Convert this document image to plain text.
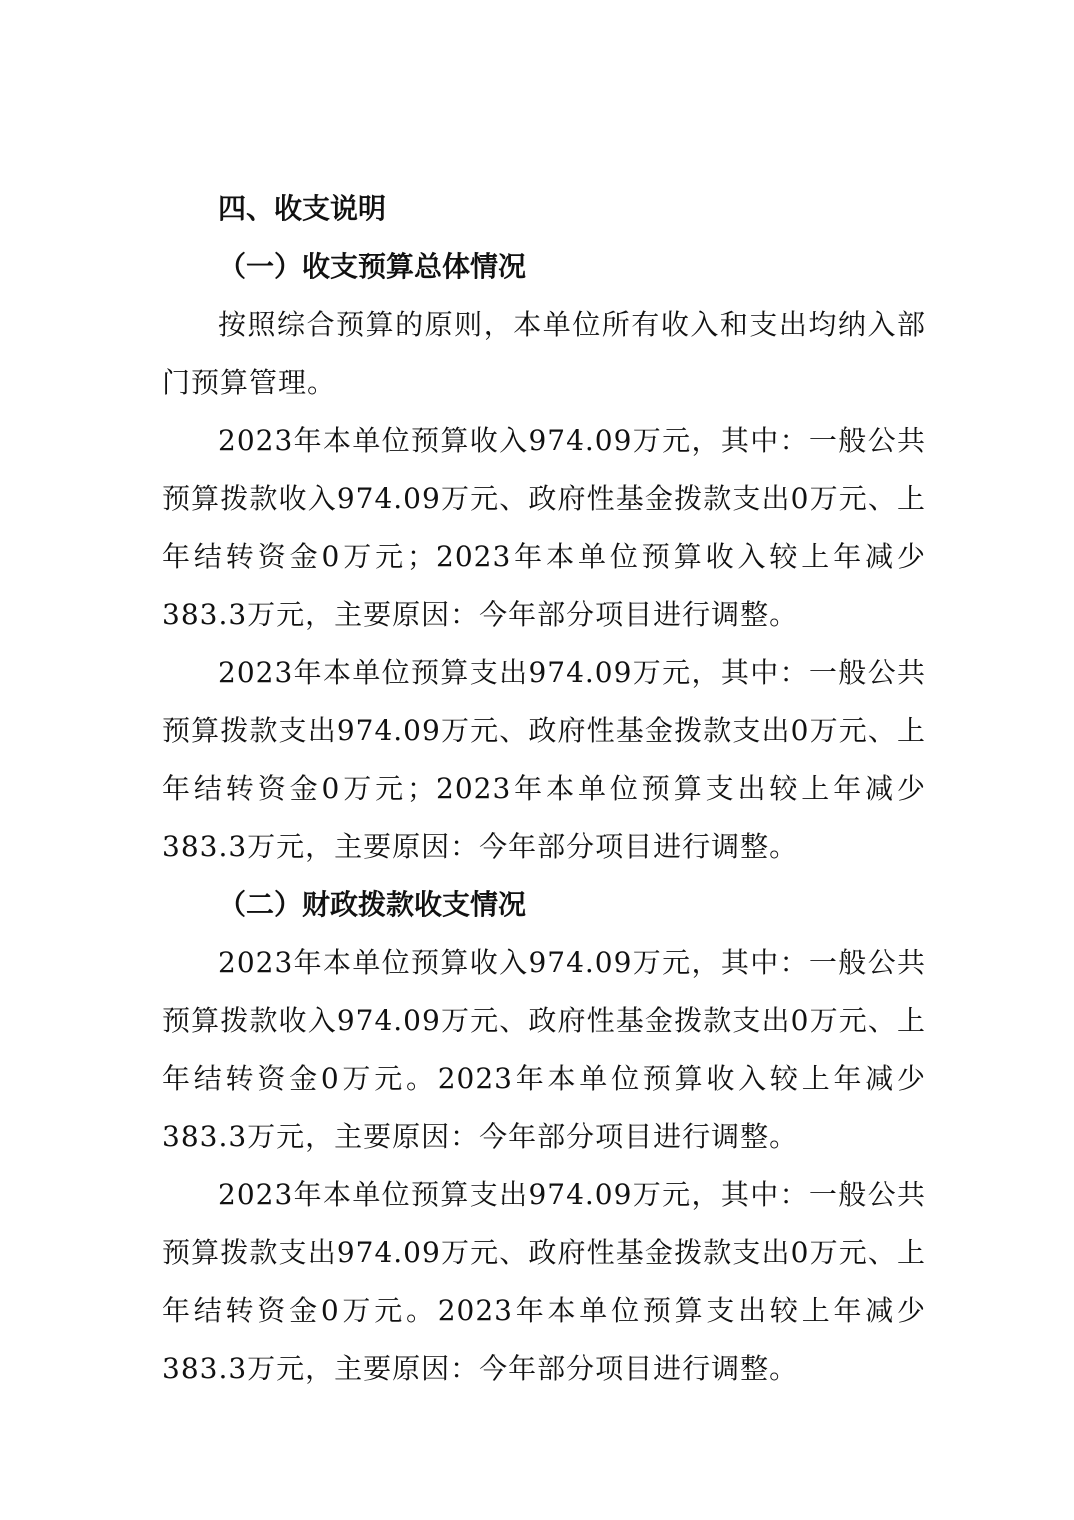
四、收支说明

（一）收支预算总体情况

按照综合预算的原则，本单位所有收入和支出均纳入部门预算管理。

2023年本单位预算收入974.09万元，其中：一般公共预算拨款收入974.09万元、政府性基金拨款支出0万元、上年结转资金0万元；2023年本单位预算收入较上年减少383.3万元，主要原因：今年部分项目进行调整。

2023年本单位预算支出974.09万元，其中：一般公共预算拨款支出974.09万元、政府性基金拨款支出0万元、上年结转资金0万元；2023年本单位预算支出较上年减少383.3万元，主要原因：今年部分项目进行调整。

（二）财政拨款收支情况

2023年本单位预算收入974.09万元，其中：一般公共预算拨款收入974.09万元、政府性基金拨款支出0万元、上年结转资金0万元。2023年本单位预算收入较上年减少383.3万元，主要原因：今年部分项目进行调整。

2023年本单位预算支出974.09万元，其中：一般公共预算拨款支出974.09万元、政府性基金拨款支出0万元、上年结转资金0万元。2023年本单位预算支出较上年减少383.3万元，主要原因：今年部分项目进行调整。
